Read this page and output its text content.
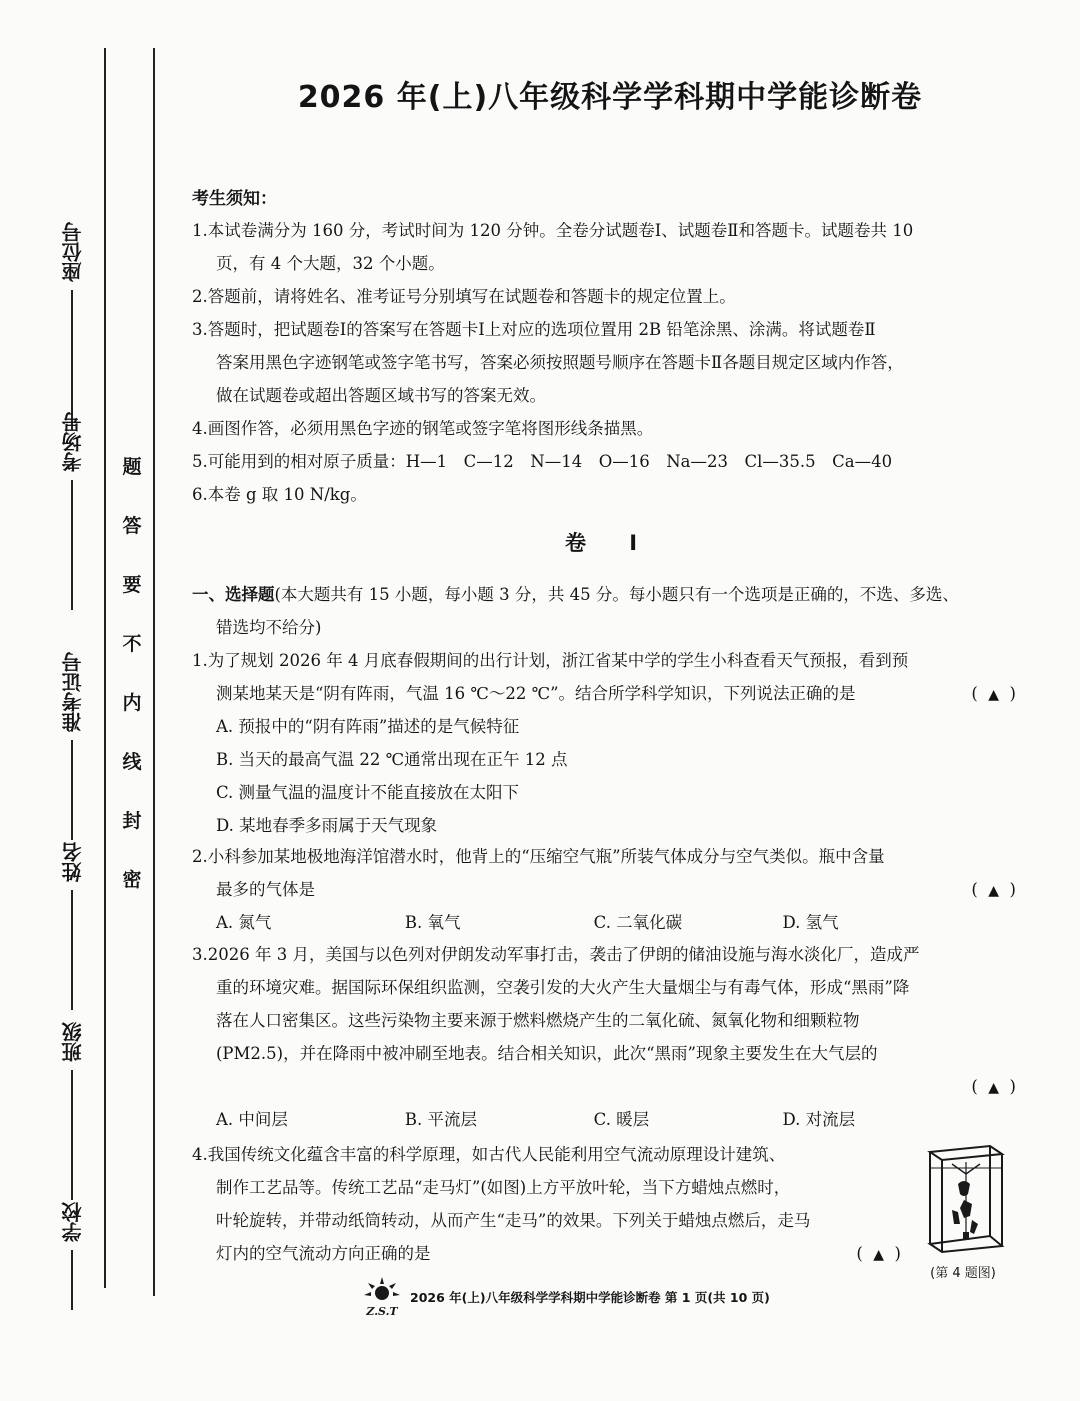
座位号
考场号
准考证号
姓名
班级
学校
题
答
要
不
内
线
封
密
2026 年(上)八年级科学学科期中学能诊断卷
考生须知：
1.本试卷满分为 160 分，考试时间为 120 分钟。全卷分试题卷Ⅰ、试题卷Ⅱ和答题卡。试题卷共 10
页，有 4 个大题，32 个小题。
2.答题前，请将姓名、准考证号分别填写在试题卷和答题卡的规定位置上。
3.答题时，把试题卷Ⅰ的答案写在答题卡Ⅰ上对应的选项位置用 2B 铅笔涂黑、涂满。将试题卷Ⅱ
答案用黑色字迹钢笔或签字笔书写，答案必须按照题号顺序在答题卡Ⅱ各题目规定区域内作答，
做在试题卷或超出答题区域书写的答案无效。
4.画图作答，必须用黑色字迹的钢笔或签字笔将图形线条描黑。
5.可能用到的相对原子质量：H—1　C—12　N—14　O—16　Na—23　Cl—35.5　Ca—40
6.本卷 g 取 10 N/kg。
卷 Ⅰ
一、选择题(本大题共有 15 小题，每小题 3 分，共 45 分。每小题只有一个选项是正确的，不选、多选、
错选均不给分)
1.为了规划 2026 年 4 月底春假期间的出行计划，浙江省某中学的学生小科查看天气预报，看到预
测某地某天是“阴有阵雨，气温 16 ℃～22 ℃”。结合所学科学知识，下列说法正确的是	(  ▲  )
A. 预报中的“阴有阵雨”描述的是气候特征
B. 当天的最高气温 22 ℃通常出现在正午 12 点
C. 测量气温的温度计不能直接放在太阳下
D. 某地春季多雨属于天气现象
2.小科参加某地极地海洋馆潜水时，他背上的“压缩空气瓶”所装气体成分与空气类似。瓶中含量
最多的气体是	(  ▲  )
A. 氮气	B. 氧气	C. 二氧化碳	D. 氢气
3.2026 年 3 月，美国与以色列对伊朗发动军事打击，袭击了伊朗的储油设施与海水淡化厂，造成严
重的环境灾难。据国际环保组织监测，空袭引发的大火产生大量烟尘与有毒气体，形成“黑雨”降
落在人口密集区。这些污染物主要来源于燃料燃烧产生的二氧化硫、氮氧化物和细颗粒物
(PM2.5)，并在降雨中被冲刷至地表。结合相关知识，此次“黑雨”现象主要发生在大气层的

(  ▲  )
A. 中间层	B. 平流层	C. 暖层	D. 对流层
4.我国传统文化蕴含丰富的科学原理，如古代人民能利用空气流动原理设计建筑、
制作工艺品等。传统工艺品“走马灯”(如图)上方平放叶轮，当下方蜡烛点燃时，
叶轮旋转，并带动纸筒转动，从而产生“走马”的效果。下列关于蜡烛点燃后，走马
灯内的空气流动方向正确的是	(  ▲  )
(第 4 题图)
Z.S.T
2026 年(上)八年级科学学科期中学能诊断卷 第 1 页(共 10 页)
